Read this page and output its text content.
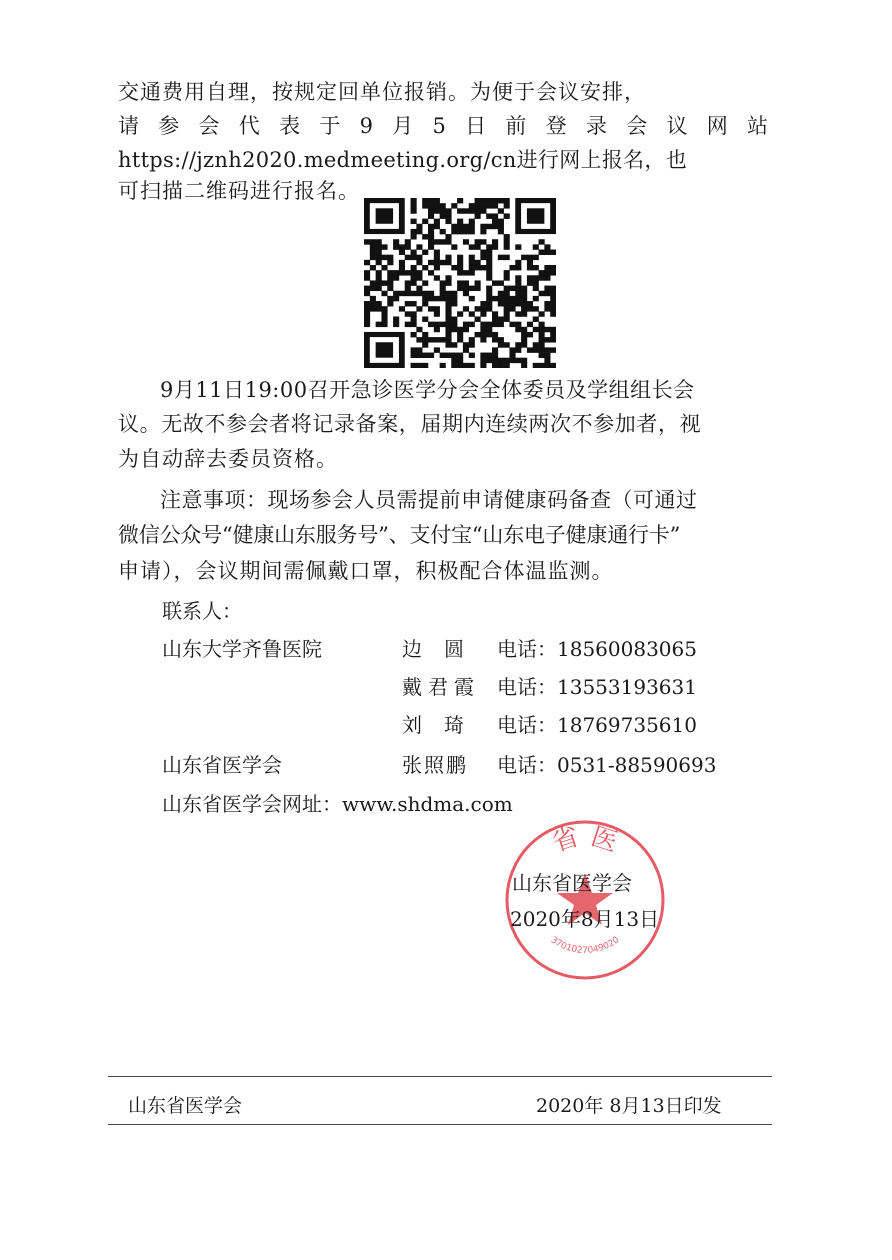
交通费用自理，按规定回单位报销。为便于会议安排，
请 参 会 代 表 于 9 月 5 日 前 登 录 会 议 网 站
https://jznh2020.medmeeting.org/cn进行网上报名，也
可扫描二维码进行报名。
9月11日19:00召开急诊医学分会全体委员及学组组长会
议。无故不参会者将记录备案，届期内连续两次不参加者，视
为自动辞去委员资格。
注意事项：现场参会人员需提前申请健康码备查（可通过
微信公众号“健康山东服务号”、支付宝“山东电子健康通行卡”
申请），会议期间需佩戴口罩，积极配合体温监测。
联系人：
山东大学齐鲁医院	边圆 电话：18560083065
戴君霞 电话：13553193631
刘琦 电话：18769735610
山东省医学会	张照鹏 电话：0531-88590693
山东省医学会网址：www.shdma.com
省 医
3701027049020
山东省医学会
2020年8月13日
山东省医学会	2020年 8月13日印发
